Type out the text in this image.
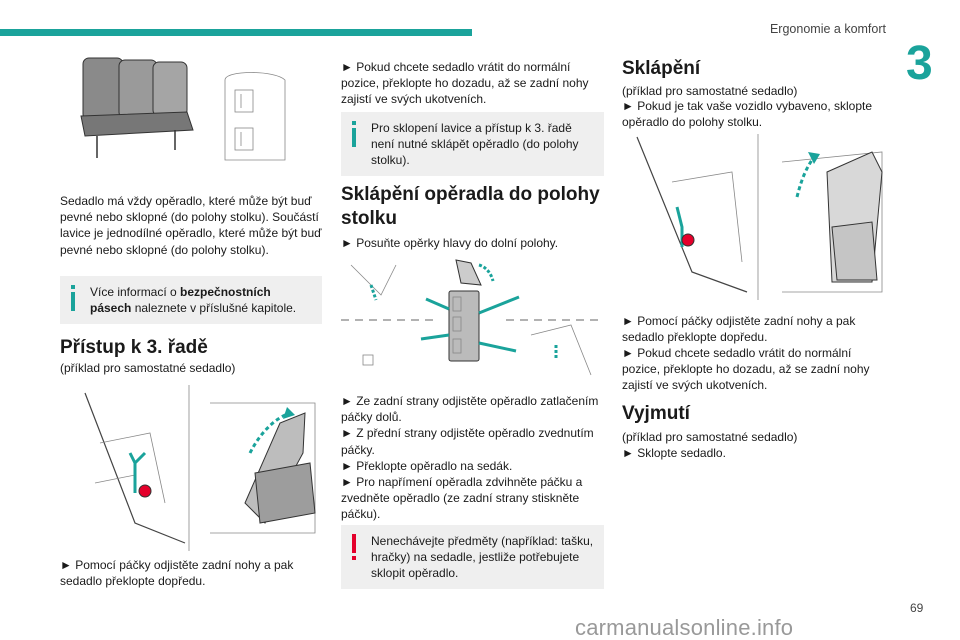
Ergonomie a komfort
3

Sedadlo má vždy opěradlo, které může být buď pevné nebo sklopné (do polohy stolku). Součástí lavice je jednodílné opěradlo, které může být buď pevné nebo sklopné (do polohy stolku).

Více informací o bezpečnostních pásech naleznete v příslušné kapitole.
Přístup k 3. řadě

(příklad pro samostatné sedadlo)

► Pomocí páčky odjistěte zadní nohy a pak sedadlo překlopte dopředu.

► Pokud chcete sedadlo vrátit do normální pozice, překlopte ho dozadu, až se zadní nohy zajistí ve svých ukotveních.

Pro sklopení lavice a přístup k 3. řadě není nutné sklápět opěradlo (do polohy stolku).
Sklápění opěradla do polohy stolku

► Posuňte opěrky hlavy do dolní polohy.

► Ze zadní strany odjistěte opěradlo zatlačením páčky dolů.

► Z přední strany odjistěte opěradlo zvednutím páčky.

► Překlopte opěradlo na sedák.

► Pro napřímení opěradla zdvihněte páčku a zvedněte opěradlo (ze zadní strany stiskněte páčku).

Nenechávejte předměty (například: tašku, hračky) na sedadle, jestliže potřebujete sklopit opěradlo.
Sklápění

(příklad pro samostatné sedadlo)

► Pokud je tak vaše vozidlo vybaveno, sklopte opěradlo do polohy stolku.

► Pomocí páčky odjistěte zadní nohy a pak sedadlo překlopte dopředu.

► Pokud chcete sedadlo vrátit do normální pozice, překlopte ho dozadu, až se zadní nohy zajistí ve svých ukotveních.

Vyjmutí

(příklad pro samostatné sedadlo)

► Sklopte sedadlo.

69
carmanualsonline.info
